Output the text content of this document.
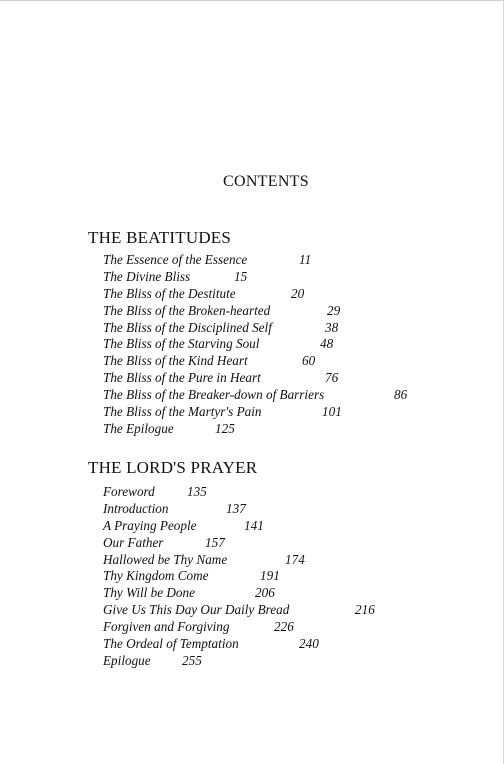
CONTENTS
THE BEATITUDES
The Essence of the Essence	11
The Divine Bliss	15
The Bliss of the Destitute	20
The Bliss of the Broken-hearted	29
The Bliss of the Disciplined Self	38
The Bliss of the Starving Soul	48
The Bliss of the Kind Heart	60
The Bliss of the Pure in Heart	76
The Bliss of the Breaker-down of Barriers	86
The Bliss of the Martyr's Pain	101
The Epilogue	125
THE LORD'S PRAYER
Foreword 135
Introduction	137
A Praying People	141
Our Father	157
Hallowed be Thy Name	174
Thy Kingdom Come	191
Thy Will be Done	206
Give Us This Day Our Daily Bread	216
Forgiven and Forgiving	226
The Ordeal of Temptation	240
Epilogue 255
